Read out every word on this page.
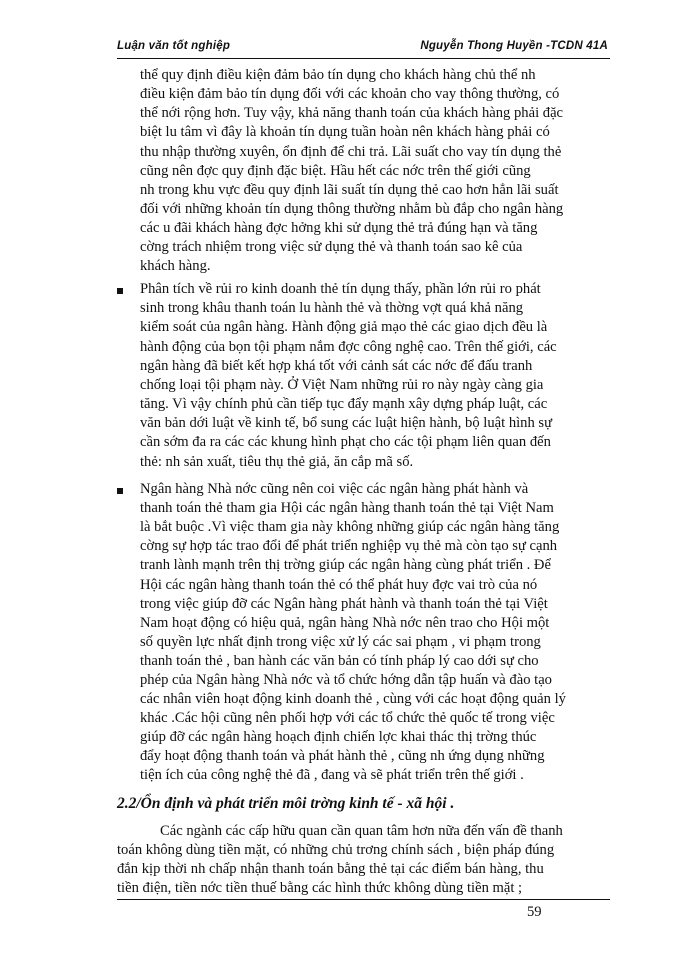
Luận văn tốt nghiệp	Nguyễn Thong Huyền -TCDN 41A
thể quy định điều kiện đảm bảo tín dụng cho khách hàng chủ thể nh
điều kiện đảm bảo tín dụng đối với các khoản cho vay thông thường, có
thể nới rộng hơn. Tuy vậy, khả năng thanh toán của khách hàng phải đặc
biệt lu tâm vì đây là khoản tín dụng tuần hoàn nên khách hàng phải có
thu nhập thường xuyên, ổn định để chi trả. Lãi suất cho vay tín dụng thẻ
cũng nên đợc quy định đặc biệt. Hầu hết các nớc trên thế giới cũng
nh trong khu vực đều quy định lãi suất tín dụng thẻ cao hơn hẳn lãi suất
đối với những khoản tín dụng thông thường nhằm bù đắp cho ngân hàng
các u đãi khách hàng đợc hởng khi sử dụng thẻ trả đúng hạn và tăng
cờng trách nhiệm trong việc sử dụng thẻ và thanh toán sao kê của
khách hàng.
Phân tích về rủi ro kinh doanh thẻ tín dụng thấy, phần lớn rủi ro phát
sinh trong khâu thanh toán lu hành thẻ và thờng vợt quá khả năng
kiểm soát của ngân hàng. Hành động giả mạo thẻ các giao dịch đều là
hành động của bọn tội phạm nắm đợc công nghệ cao. Trên thế giới, các
ngân hàng đã biết kết hợp khá tốt với cảnh sát các nớc để đấu tranh
chống loại tội phạm này. Ở Việt Nam những rủi ro này ngày càng gia
tăng. Vì vậy chính phủ cần tiếp tục đẩy mạnh xây dựng pháp luật, các
văn bản dới luật về kinh tế, bổ sung các luật hiện hành, bộ luật hình sự
cần sớm đa ra các các khung hình phạt cho các tội phạm liên quan đến
thẻ: nh sản xuất, tiêu thụ thẻ giả, ăn cắp mã số.
Ngân hàng Nhà nớc cũng nên coi việc các ngân hàng phát hành và
thanh toán thẻ tham gia Hội các ngân hàng thanh toán thẻ tại Việt Nam
là bắt buộc .Vì việc tham gia này không những giúp các ngân hàng tăng
cờng sự hợp tác trao đổi để phát triển nghiệp vụ thẻ mà còn tạo sự cạnh
tranh lành mạnh trên thị trờng giúp các ngân hàng cùng phát triển . Để
Hội các ngân hàng thanh toán thẻ có thể phát huy đợc vai trò của nó
trong việc giúp đỡ các Ngân hàng phát hành và thanh toán thẻ tại Việt
Nam hoạt động có hiệu quả, ngân hàng Nhà nớc nên trao cho Hội một
số quyền lực nhất định trong việc xử lý các sai phạm , vi phạm trong
thanh toán thẻ , ban hành các văn bản có tính pháp lý cao dới sự cho
phép của Ngân hàng Nhà nớc và tổ chức hớng dẫn tập huấn và đào tạo
các nhân viên hoạt động kinh doanh thẻ , cùng với các hoạt động quản lý
khác .Các hội cũng nên phối hợp với các tổ chức thẻ quốc tế trong việc
giúp đỡ các ngân hàng hoạch định chiến lợc khai thác thị trờng thúc
đẩy hoạt động thanh toán và phát hành thẻ , cũng nh ứng dụng những
tiện ích của công nghệ thẻ đã , đang và sẽ phát triển trên thế giới .
2.2/Ổn định và phát triển môi trờng kinh tế - xã hội .
Các ngành các cấp hữu quan cần quan tâm hơn nữa đến vấn đề thanh
toán không dùng tiền mặt, có những chủ trơng chính sách , biện pháp đúng
đắn kịp thời nh chấp nhận thanh toán bằng thẻ tại các điểm bán hàng, thu
tiền điện, tiền nớc tiền thuế bằng các hình thức không dùng tiền mặt ;
59
